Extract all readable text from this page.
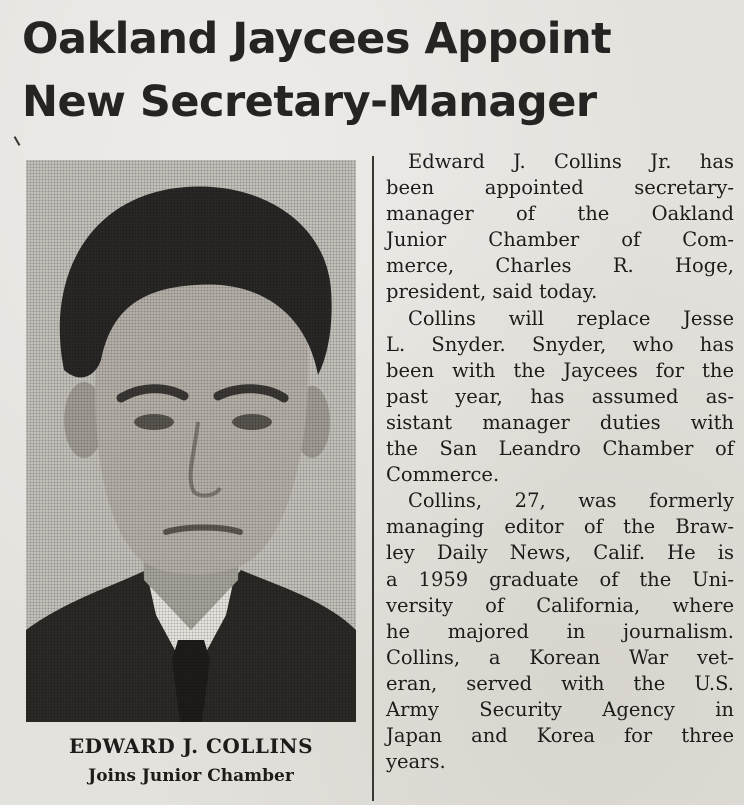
Oakland Jaycees Appoint
New Secretary-Manager
EDWARD J. COLLINS
Joins Junior Chamber
Edward J. Collins Jr. has
been appointed secretary-
manager of the Oakland
Junior Chamber of Com-
merce, Charles R. Hoge,
president, said today.
Collins will replace Jesse
L. Snyder. Snyder, who has
been with the Jaycees for the
past year, has assumed as-
sistant manager duties with
the San Leandro Chamber of
Commerce.
Collins, 27, was formerly
managing editor of the Braw-
ley Daily News, Calif. He is
a 1959 graduate of the Uni-
versity of California, where
he majored in journalism.
Collins, a Korean War vet-
eran, served with the U.S.
Army Security Agency in
Japan and Korea for three
years.
